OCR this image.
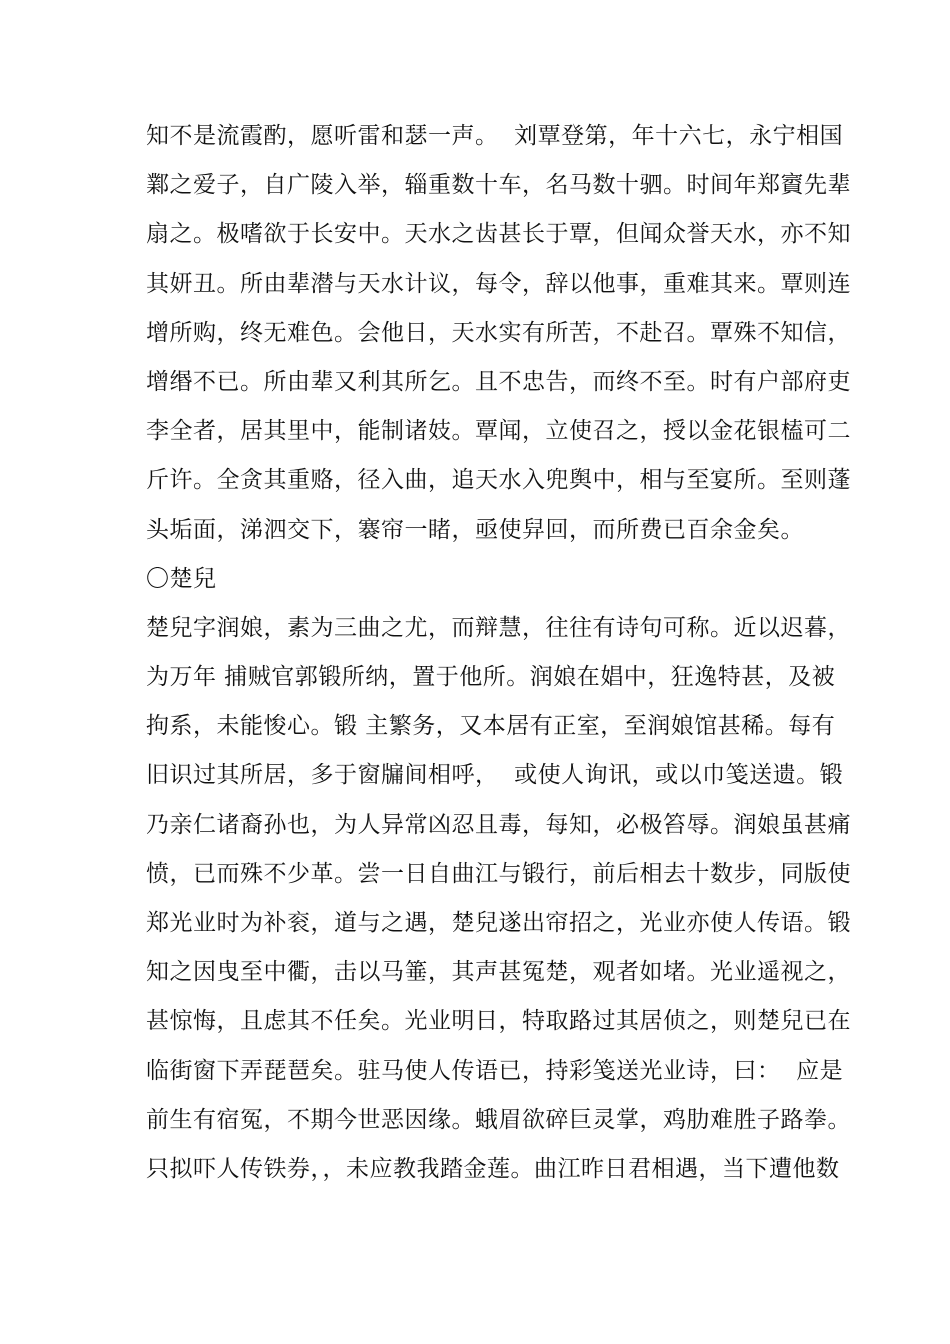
知不是流霞酌，愿听雷和瑟一声。  刘覃登第，年十六七，永宁相国
鄴之爱子，自广陵入举，辎重数十车，名马数十驷。时间年郑賨先辈
扇之。极嗜欲于长安中。天水之齿甚长于覃，但闻众誉天水，亦不知
其妍丑。所由辈潜与天水计议，每令，辞以他事，重难其来。覃则连
增所购，终无难色。会他日，天水实有所苦，不赴召。覃殊不知信，
增缗不已。所由辈又利其所乞。且不忠告，而终不至。时有户部府吏
李全者，居其里中，能制诸妓。覃闻，立使召之，授以金花银榼可二
斤许。全贪其重赂，径入曲，追天水入兜舆中，相与至宴所。至则蓬
头垢面，涕泗交下，褰帘一睹，亟使舁回，而所费已百余金矣。
〇楚兒
楚兒字润娘，素为三曲之尤，而辩慧，往往有诗句可称。近以迟暮，
为万年 捕贼官郭锻所纳，置于他所。润娘在娼中，狂逸特甚，及被
拘系，未能悛心。锻 主繁务，又本居有正室，至润娘馆甚稀。每有
旧识过其所居，多于窗牖间相呼，  或使人询讯，或以巾笺送遗。锻
乃亲仁诸裔孙也，为人异常凶忍且毒，每知，必极笞辱。润娘虽甚痛
愤，已而殊不少革。尝一日自曲江与锻行，前后相去十数步，同版使
郑光业时为补衮，道与之遇，楚兒遂出帘招之，光业亦使人传语。锻
知之因曳至中衢，击以马箠，其声甚冤楚，观者如堵。光业遥视之，
甚惊悔，且虑其不任矣。光业明日，特取路过其居侦之，则楚兒已在
临街窗下弄琵琶矣。驻马使人传语已，持彩笺送光业诗，曰：  应是
前生有宿冤，不期今世恶因缘。蛾眉欲碎巨灵掌，鸡肋难胜子路拳。
只拟吓人传铁券，，未应教我踏金莲。曲江昨日君相遇，当下遭他数
